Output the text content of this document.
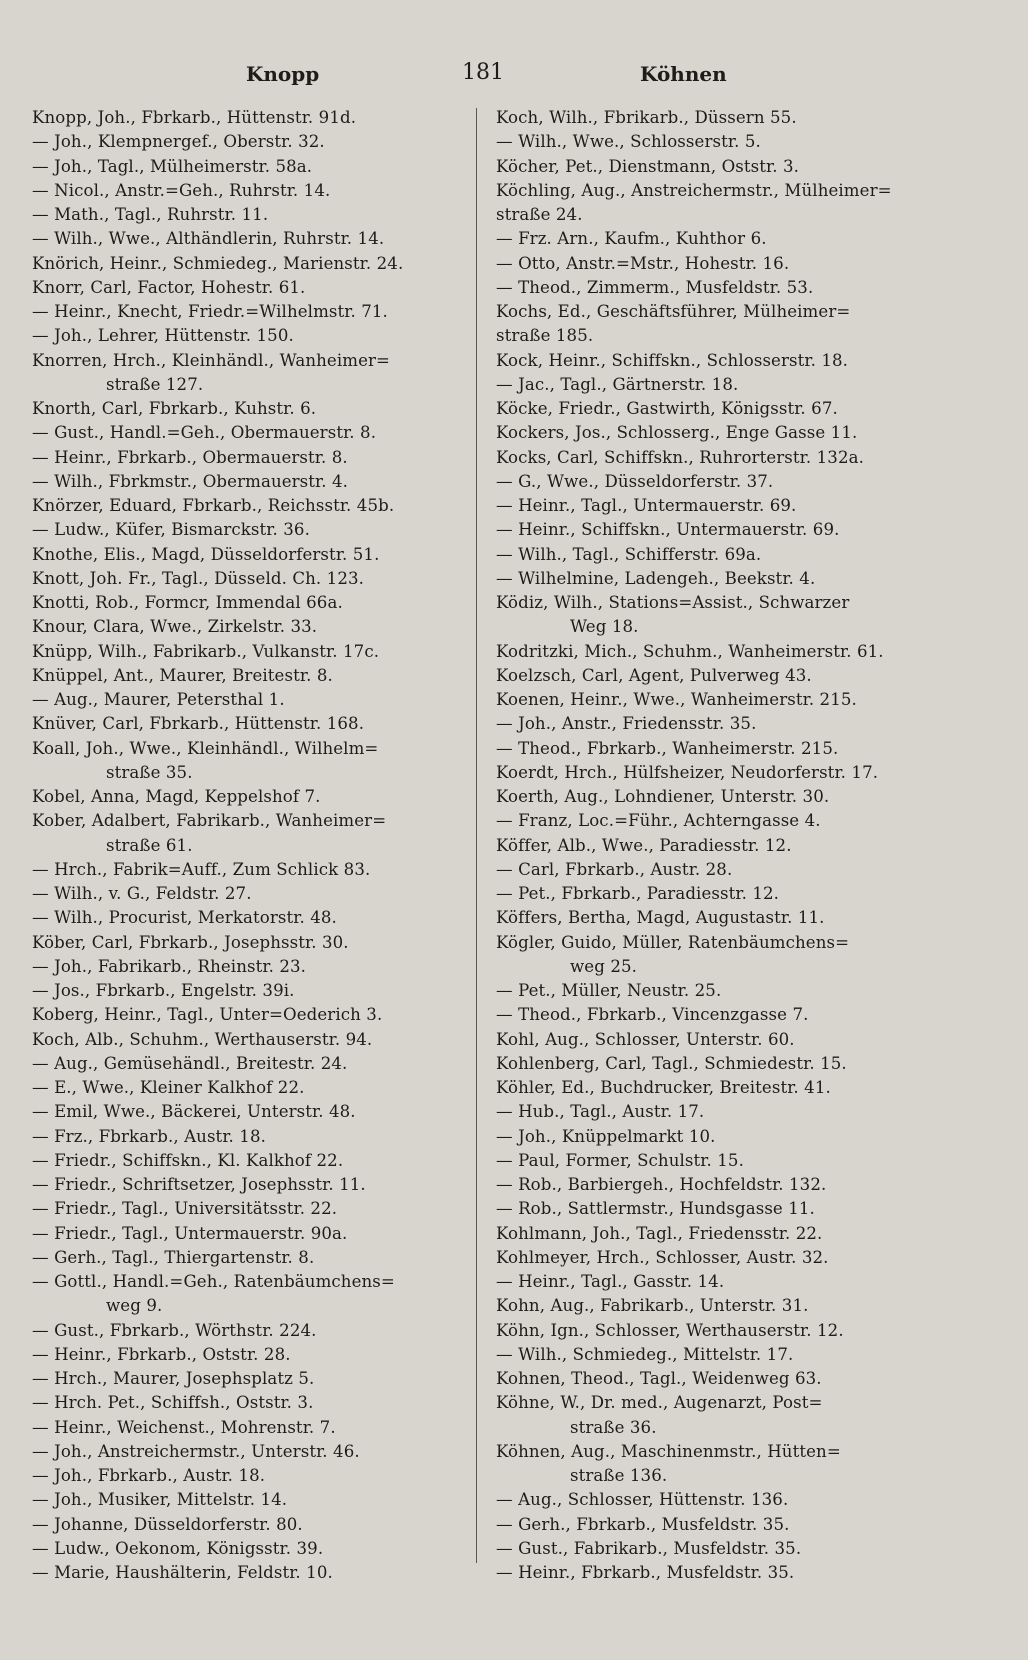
Knopp	181	Köhnen
Knopp, Joh., Fbrkarb., Hüttenstr. 91d.
— Joh., Klempnergef., Oberstr. 32.
— Joh., Tagl., Mülheimerstr. 58a.
— Nicol., Anstr.=Geh., Ruhrstr. 14.
— Math., Tagl., Ruhrstr. 11.
— Wilh., Wwe., Althändlerin, Ruhrstr. 14.
Knörich, Heinr., Schmiedeg., Marienstr. 24.
Knorr, Carl, Factor, Hohestr. 61.
— Heinr., Knecht, Friedr.=Wilhelmstr. 71.
— Joh., Lehrer, Hüttenstr. 150.
Knorren, Hrch., Kleinhändl., Wanheimer=
straße 127.
Knorth, Carl, Fbrkarb., Kuhstr. 6.
— Gust., Handl.=Geh., Obermauerstr. 8.
— Heinr., Fbrkarb., Obermauerstr. 8.
— Wilh., Fbrkmstr., Obermauerstr. 4.
Knörzer, Eduard, Fbrkarb., Reichsstr. 45b.
— Ludw., Küfer, Bismarckstr. 36.
Knothe, Elis., Magd, Düsseldorferstr. 51.
Knott, Joh. Fr., Tagl., Düsseld. Ch. 123.
Knotti, Rob., Formcr, Immendal 66a.
Knour, Clara, Wwe., Zirkelstr. 33.
Knüpp, Wilh., Fabrikarb., Vulkanstr. 17c.
Knüppel, Ant., Maurer, Breitestr. 8.
— Aug., Maurer, Petersthal 1.
Knüver, Carl, Fbrkarb., Hüttenstr. 168.
Koall, Joh., Wwe., Kleinhändl., Wilhelm=
straße 35.
Kobel, Anna, Magd, Keppelshof 7.
Kober, Adalbert, Fabrikarb., Wanheimer=
straße 61.
— Hrch., Fabrik=Auff., Zum Schlick 83.
— Wilh., v. G., Feldstr. 27.
— Wilh., Procurist, Merkatorstr. 48.
Köber, Carl, Fbrkarb., Josephsstr. 30.
— Joh., Fabrikarb., Rheinstr. 23.
— Jos., Fbrkarb., Engelstr. 39i.
Koberg, Heinr., Tagl., Unter=Oederich 3.
Koch, Alb., Schuhm., Werthauserstr. 94.
— Aug., Gemüsehändl., Breitestr. 24.
— E., Wwe., Kleiner Kalkhof 22.
— Emil, Wwe., Bäckerei, Unterstr. 48.
— Frz., Fbrkarb., Austr. 18.
— Friedr., Schiffskn., Kl. Kalkhof 22.
— Friedr., Schriftsetzer, Josephsstr. 11.
— Friedr., Tagl., Universitätsstr. 22.
— Friedr., Tagl., Untermauerstr. 90a.
— Gerh., Tagl., Thiergartenstr. 8.
— Gottl., Handl.=Geh., Ratenbäumchens=
weg 9.
— Gust., Fbrkarb., Wörthstr. 224.
— Heinr., Fbrkarb., Oststr. 28.
— Hrch., Maurer, Josephsplatz 5.
— Hrch. Pet., Schiffsh., Oststr. 3.
— Heinr., Weichenst., Mohrenstr. 7.
— Joh., Anstreichermstr., Unterstr. 46.
— Joh., Fbrkarb., Austr. 18.
— Joh., Musiker, Mittelstr. 14.
— Johanne, Düsseldorferstr. 80.
— Ludw., Oekonom, Königsstr. 39.
— Marie, Haushälterin, Feldstr. 10.
Koch, Wilh., Fbrikarb., Düssern 55.
— Wilh., Wwe., Schlosserstr. 5.
Köcher, Pet., Dienstmann, Oststr. 3.
Köchling, Aug., Anstreichermstr., Mülheimer=
straße 24.
— Frz. Arn., Kaufm., Kuhthor 6.
— Otto, Anstr.=Mstr., Hohestr. 16.
— Theod., Zimmerm., Musfeldstr. 53.
Kochs, Ed., Geschäftsführer, Mülheimer=
straße 185.
Kock, Heinr., Schiffskn., Schlosserstr. 18.
— Jac., Tagl., Gärtnerstr. 18.
Köcke, Friedr., Gastwirth, Königsstr. 67.
Kockers, Jos., Schlosserg., Enge Gasse 11.
Kocks, Carl, Schiffskn., Ruhrorterstr. 132a.
— G., Wwe., Düsseldorferstr. 37.
— Heinr., Tagl., Untermauerstr. 69.
— Heinr., Schiffskn., Untermauerstr. 69.
— Wilh., Tagl., Schifferstr. 69a.
— Wilhelmine, Ladengeh., Beekstr. 4.
Ködiz, Wilh., Stations=Assist., Schwarzer
Weg 18.
Kodritzki, Mich., Schuhm., Wanheimerstr. 61.
Koelzsch, Carl, Agent, Pulverweg 43.
Koenen, Heinr., Wwe., Wanheimerstr. 215.
— Joh., Anstr., Friedensstr. 35.
— Theod., Fbrkarb., Wanheimerstr. 215.
Koerdt, Hrch., Hülfsheizer, Neudorferstr. 17.
Koerth, Aug., Lohndiener, Unterstr. 30.
— Franz, Loc.=Führ., Achterngasse 4.
Köffer, Alb., Wwe., Paradiesstr. 12.
— Carl, Fbrkarb., Austr. 28.
— Pet., Fbrkarb., Paradiesstr. 12.
Köffers, Bertha, Magd, Augustastr. 11.
Kögler, Guido, Müller, Ratenbäumchens=
weg 25.
— Pet., Müller, Neustr. 25.
— Theod., Fbrkarb., Vincenzgasse 7.
Kohl, Aug., Schlosser, Unterstr. 60.
Kohlenberg, Carl, Tagl., Schmiedestr. 15.
Köhler, Ed., Buchdrucker, Breitestr. 41.
— Hub., Tagl., Austr. 17.
— Joh., Knüppelmarkt 10.
— Paul, Former, Schulstr. 15.
— Rob., Barbiergeh., Hochfeldstr. 132.
— Rob., Sattlermstr., Hundsgasse 11.
Kohlmann, Joh., Tagl., Friedensstr. 22.
Kohlmeyer, Hrch., Schlosser, Austr. 32.
— Heinr., Tagl., Gasstr. 14.
Kohn, Aug., Fabrikarb., Unterstr. 31.
Köhn, Ign., Schlosser, Werthauserstr. 12.
— Wilh., Schmiedeg., Mittelstr. 17.
Kohnen, Theod., Tagl., Weidenweg 63.
Köhne, W., Dr. med., Augenarzt, Post=
straße 36.
Köhnen, Aug., Maschinenmstr., Hütten=
straße 136.
— Aug., Schlosser, Hüttenstr. 136.
— Gerh., Fbrkarb., Musfeldstr. 35.
— Gust., Fabrikarb., Musfeldstr. 35.
— Heinr., Fbrkarb., Musfeldstr. 35.
